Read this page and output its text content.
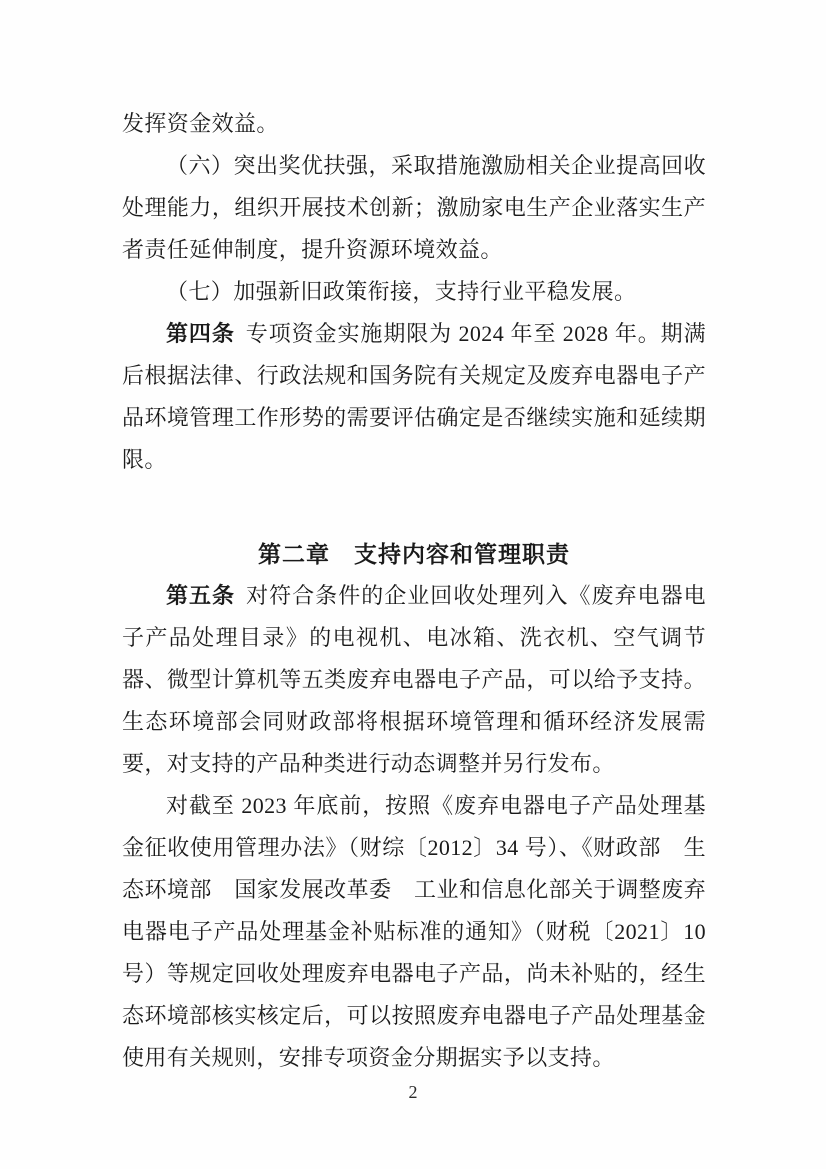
发挥资金效益。

（六）突出奖优扶强，采取措施激励相关企业提高回收处理能力，组织开展技术创新；激励家电生产企业落实生产者责任延伸制度，提升资源环境效益。

（七）加强新旧政策衔接，支持行业平稳发展。

第四条 专项资金实施期限为 2024 年至 2028 年。期满后根据法律、行政法规和国务院有关规定及废弃电器电子产品环境管理工作形势的需要评估确定是否继续实施和延续期限。

第二章　支持内容和管理职责

第五条 对符合条件的企业回收处理列入《废弃电器电子产品处理目录》的电视机、电冰箱、洗衣机、空气调节器、微型计算机等五类废弃电器电子产品，可以给予支持。生态环境部会同财政部将根据环境管理和循环经济发展需要，对支持的产品种类进行动态调整并另行发布。

对截至 2023 年底前，按照《废弃电器电子产品处理基金征收使用管理办法》（财综〔2012〕34 号）、《财政部　生态环境部　国家发展改革委　工业和信息化部关于调整废弃电器电子产品处理基金补贴标准的通知》（财税〔2021〕10 号）等规定回收处理废弃电器电子产品，尚未补贴的，经生态环境部核实核定后，可以按照废弃电器电子产品处理基金使用有关规则，安排专项资金分期据实予以支持。

2
